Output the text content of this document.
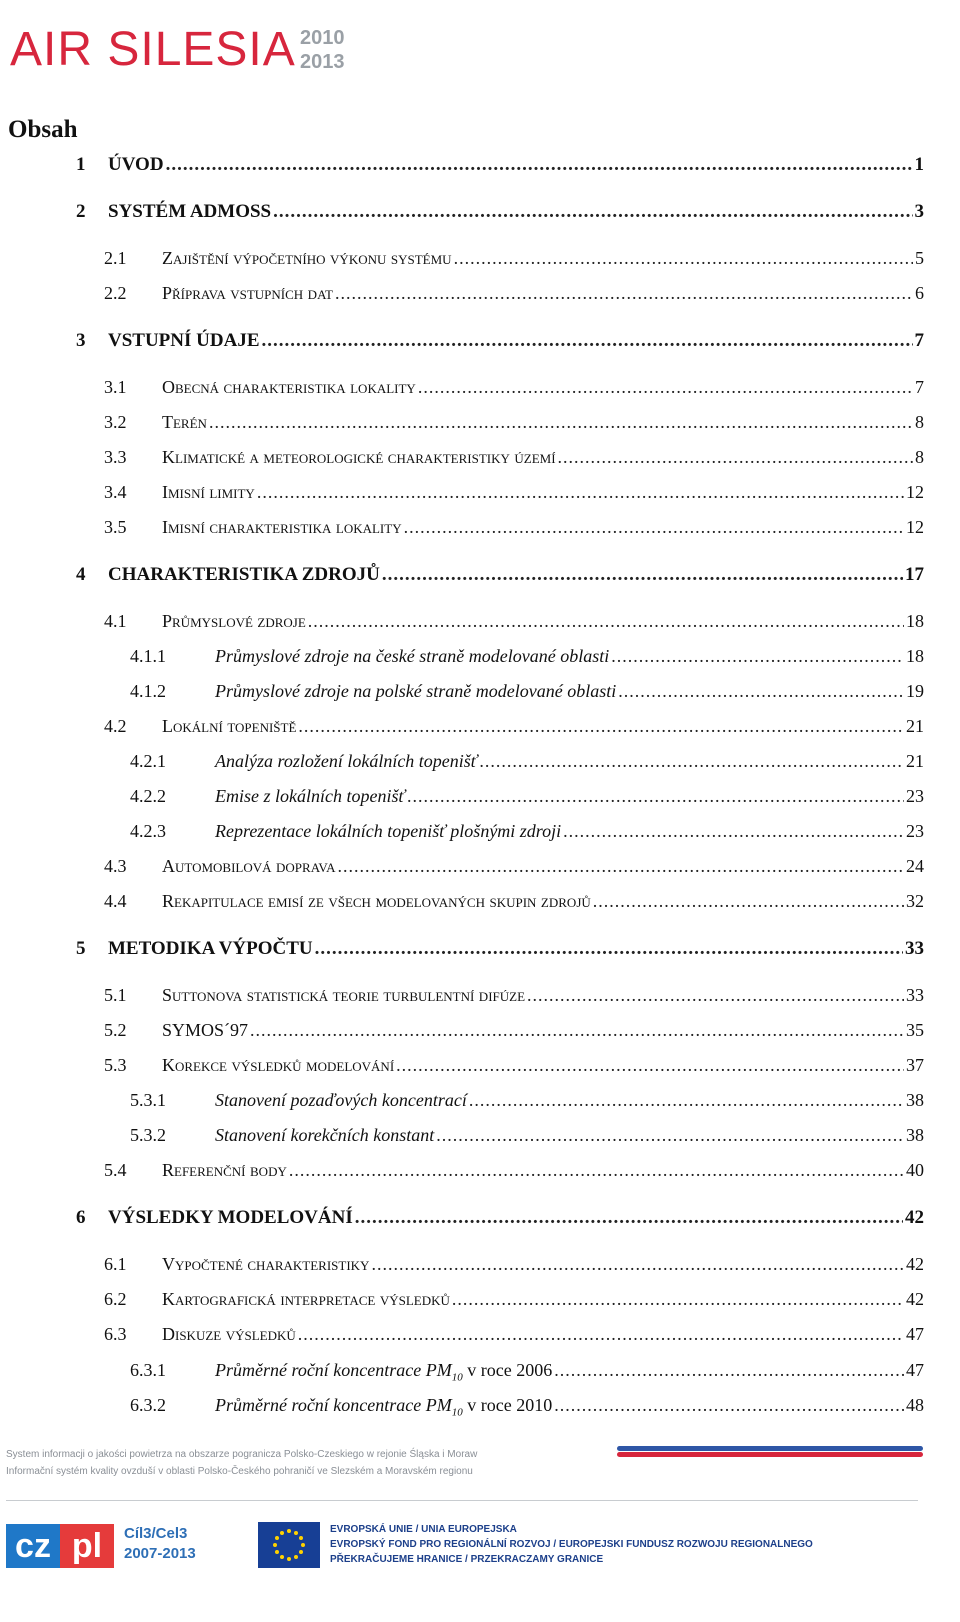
AIR SILESIA 2010
2013
Obsah
1	ÚVOD .....	1
2	SYSTÉM ADMOSS .....	3
2.1	Zajištění výpočetního výkonu systému .....	5
2.2	Příprava vstupních dat .....	6
3	VSTUPNÍ ÚDAJE .....	7
3.1	Obecná charakteristika lokality .....	7
3.2	Terén .....	8
3.3	Klimatické a meteorologické charakteristiky území .....	8
3.4	Imisní limity .....	12
3.5	Imisní charakteristika lokality .....	12
4	CHARAKTERISTIKA ZDROJŮ .....	17
4.1	Průmyslové zdroje .....	18
4.1.1	Průmyslové zdroje na české straně modelované oblasti .....	18
4.1.2	Průmyslové zdroje na polské straně modelované oblasti .....	19
4.2	Lokální topeniště .....	21
4.2.1	Analýza rozložení lokálních topenišť .....	21
4.2.2	Emise z lokálních topenišť .....	23
4.2.3	Reprezentace lokálních topenišť plošnými zdroji .....	23
4.3	Automobilová doprava .....	24
4.4	Rekapitulace emisí ze všech modelovaných skupin zdrojů .....	32
5	METODIKA VÝPOČTU .....	33
5.1	Suttonova statistická teorie turbulentní difúze .....	33
5.2	SYMOS´97 .....	35
5.3	Korekce výsledků modelování .....	37
5.3.1	Stanovení pozaďových koncentrací .....	38
5.3.2	Stanovení korekčních konstant .....	38
5.4	Referenční body .....	40
6	VÝSLEDKY MODELOVÁNÍ .....	42
6.1	Vypočtené charakteristiky .....	42
6.2	Kartografická interpretace výsledků .....	42
6.3	Diskuze výsledků .....	47
6.3.1	Průměrné roční koncentrace $PM_{10}$ v roce 2006 .....	47
6.3.2	Průměrné roční koncentrace $PM_{10}$ v roce 2010 .....	48
System informacji o jakości powietrza na obszarze pogranicza Polsko-Czeskiego w rejonie Śląska i Moraw
Informační systém kvality ovzduší v oblasti Polsko-Českého pohraničí ve Slezském a Moravském regionu
cz pl	Cíl3/Cel3
2007-2013
EVROPSKÁ UNIE / UNIA EUROPEJSKA
EVROPSKÝ FOND PRO REGIONÁLNÍ ROZVOJ / EUROPEJSKI FUNDUSZ ROZWOJU REGIONALNEGO
PŘEKRAČUJEME HRANICE / PRZEKRACZAMY GRANICE
